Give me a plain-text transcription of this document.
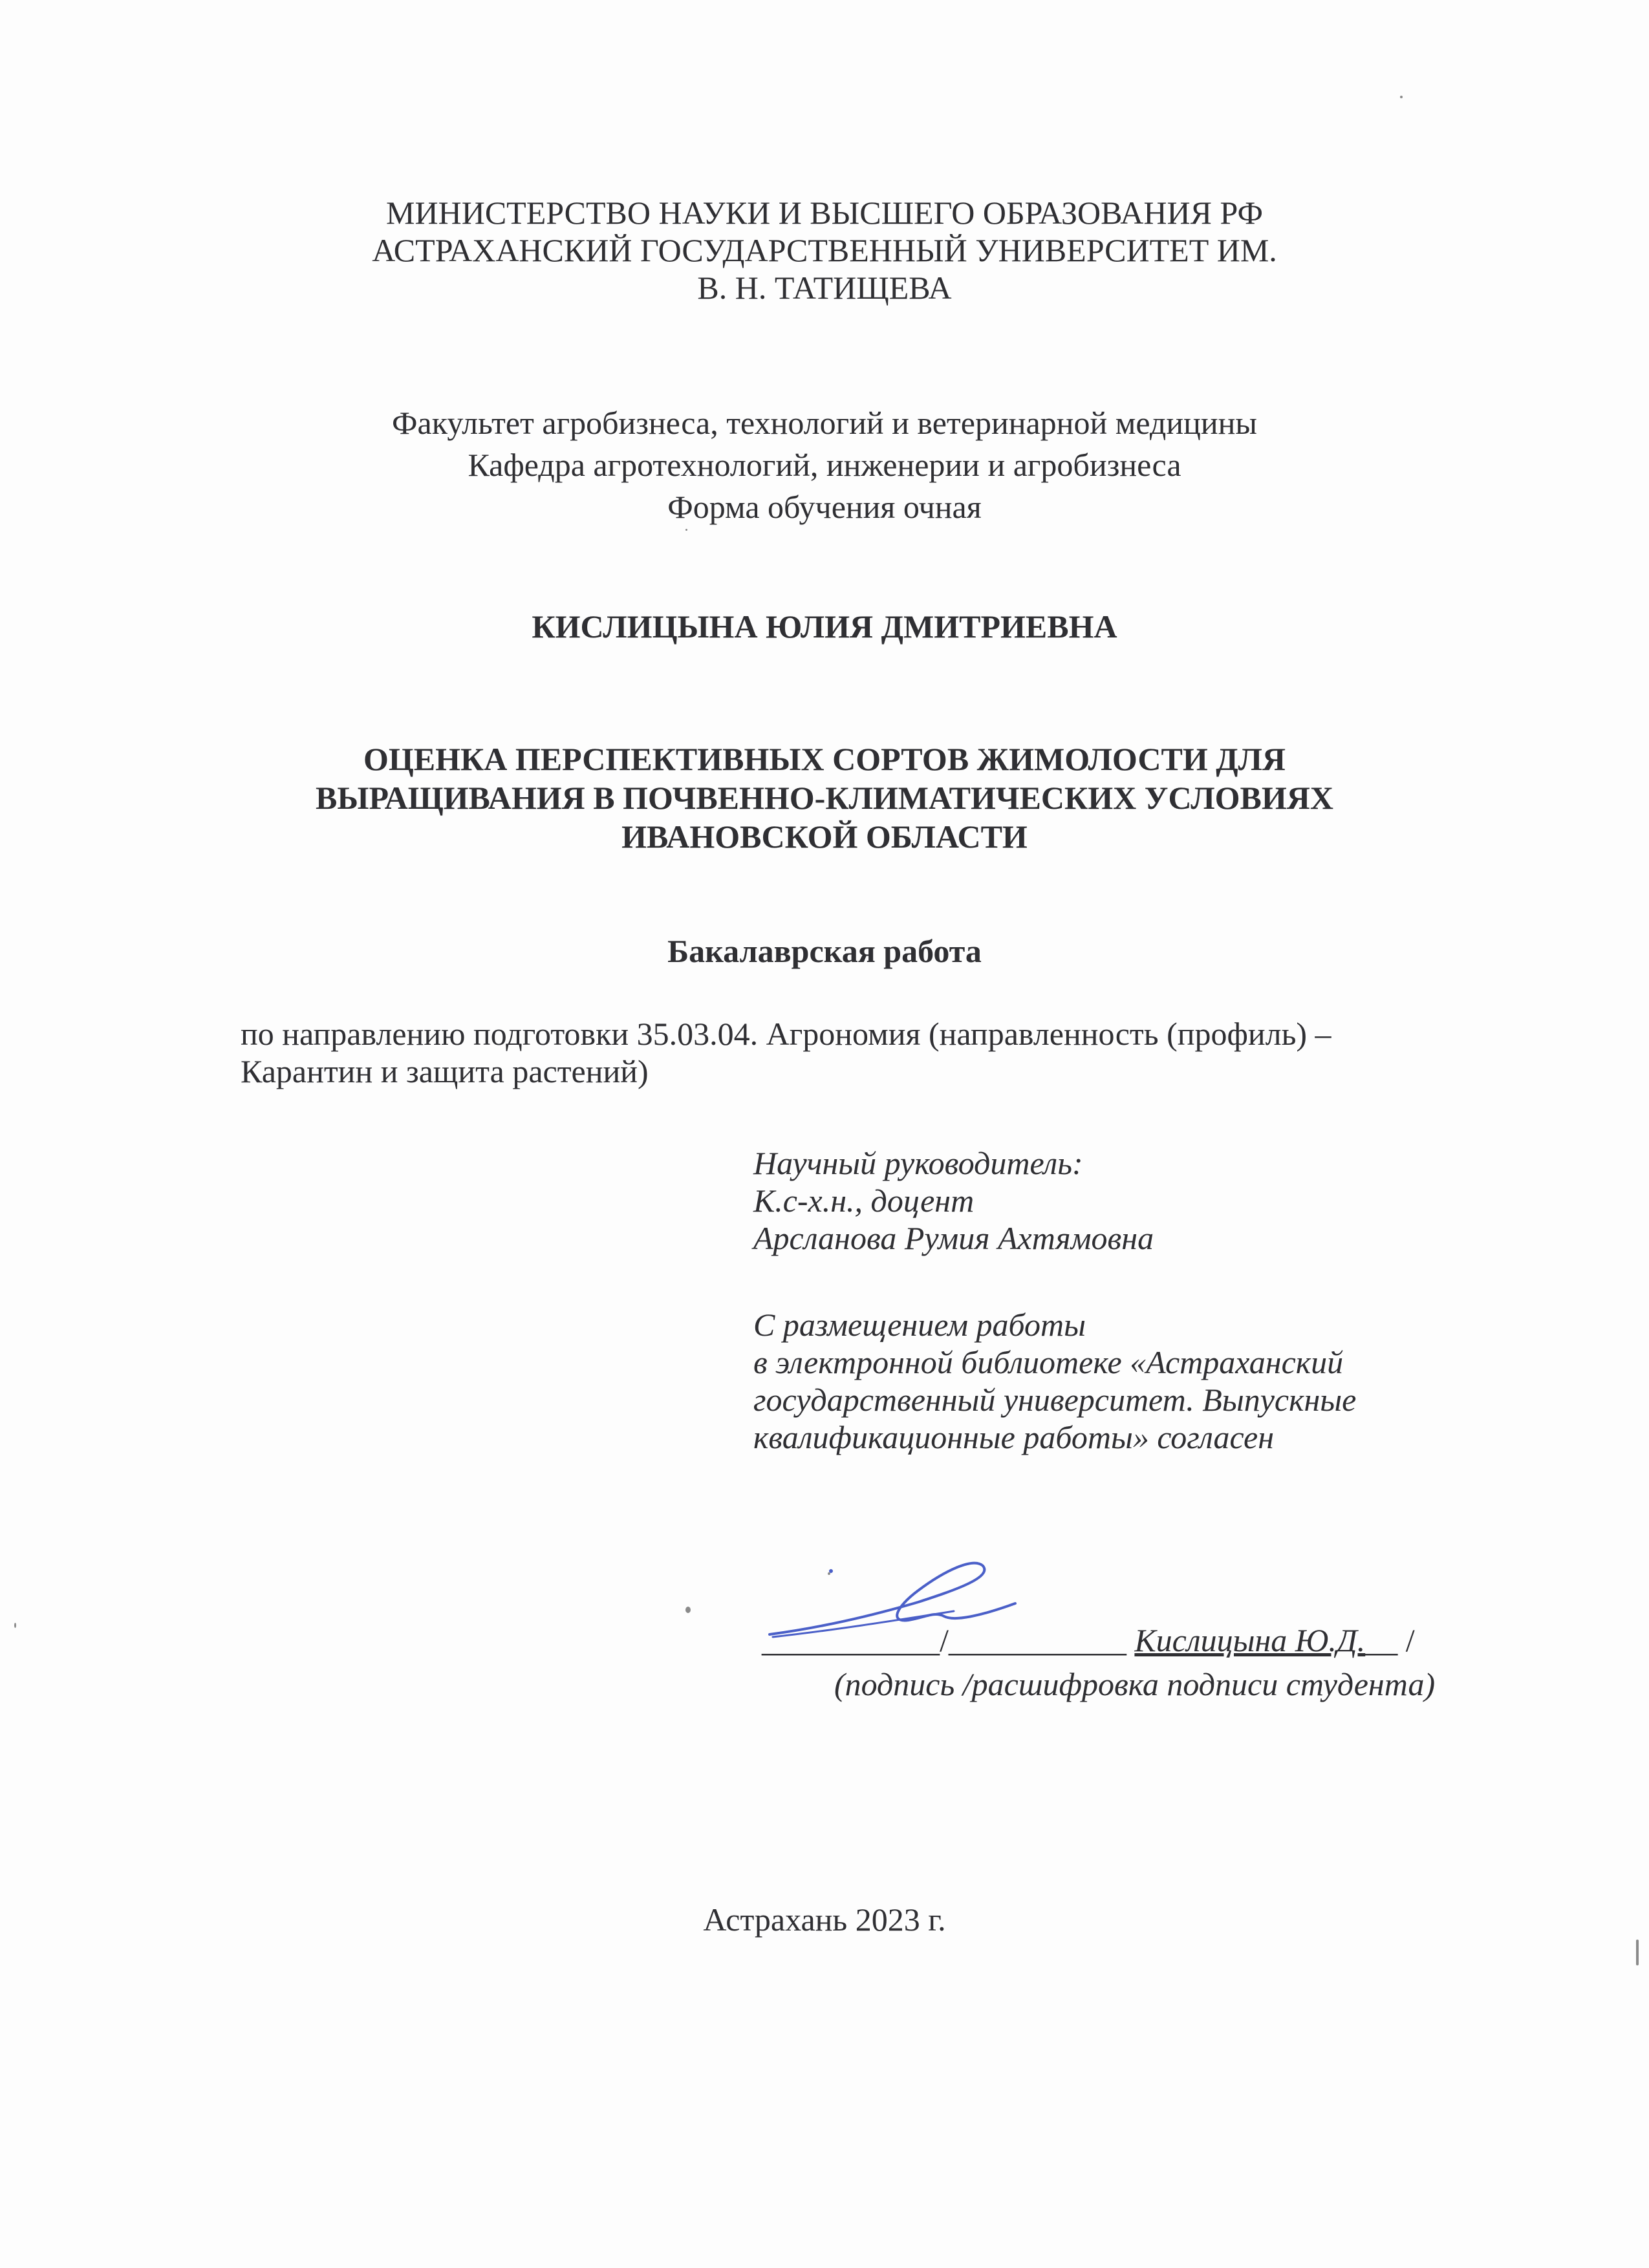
МИНИСТЕРСТВО НАУКИ И ВЫСШЕГО ОБРАЗОВАНИЯ РФ
АСТРАХАНСКИЙ ГОСУДАРСТВЕННЫЙ УНИВЕРСИТЕТ ИМ.
В. Н. ТАТИЩЕВА
Факультет агробизнеса, технологий и ветеринарной медицины
Кафедра агротехнологий, инженерии и агробизнеса
Форма обучения очная
КИСЛИЦЫНА ЮЛИЯ ДМИТРИЕВНА
ОЦЕНКА ПЕРСПЕКТИВНЫХ СОРТОВ ЖИМОЛОСТИ ДЛЯ
ВЫРАЩИВАНИЯ В ПОЧВЕННО-КЛИМАТИЧЕСКИХ УСЛОВИЯХ
ИВАНОВСКОЙ ОБЛАСТИ
Бакалаврская работа
по направлению подготовки 35.03.04. Агрономия (направленность (профиль) –
Карантин и защита растений)
Научный руководитель:
К.с-х.н., доцент
Арсланова Румия Ахтямовна
С размещением работы
в электронной библиотеке «Астраханский
государственный университет. Выпускные
квалификационные работы» согласен
___________/___________ Кислицына Ю.Д.__ /
(подпись /расшифровка подписи студента)
Астрахань 2023 г.
